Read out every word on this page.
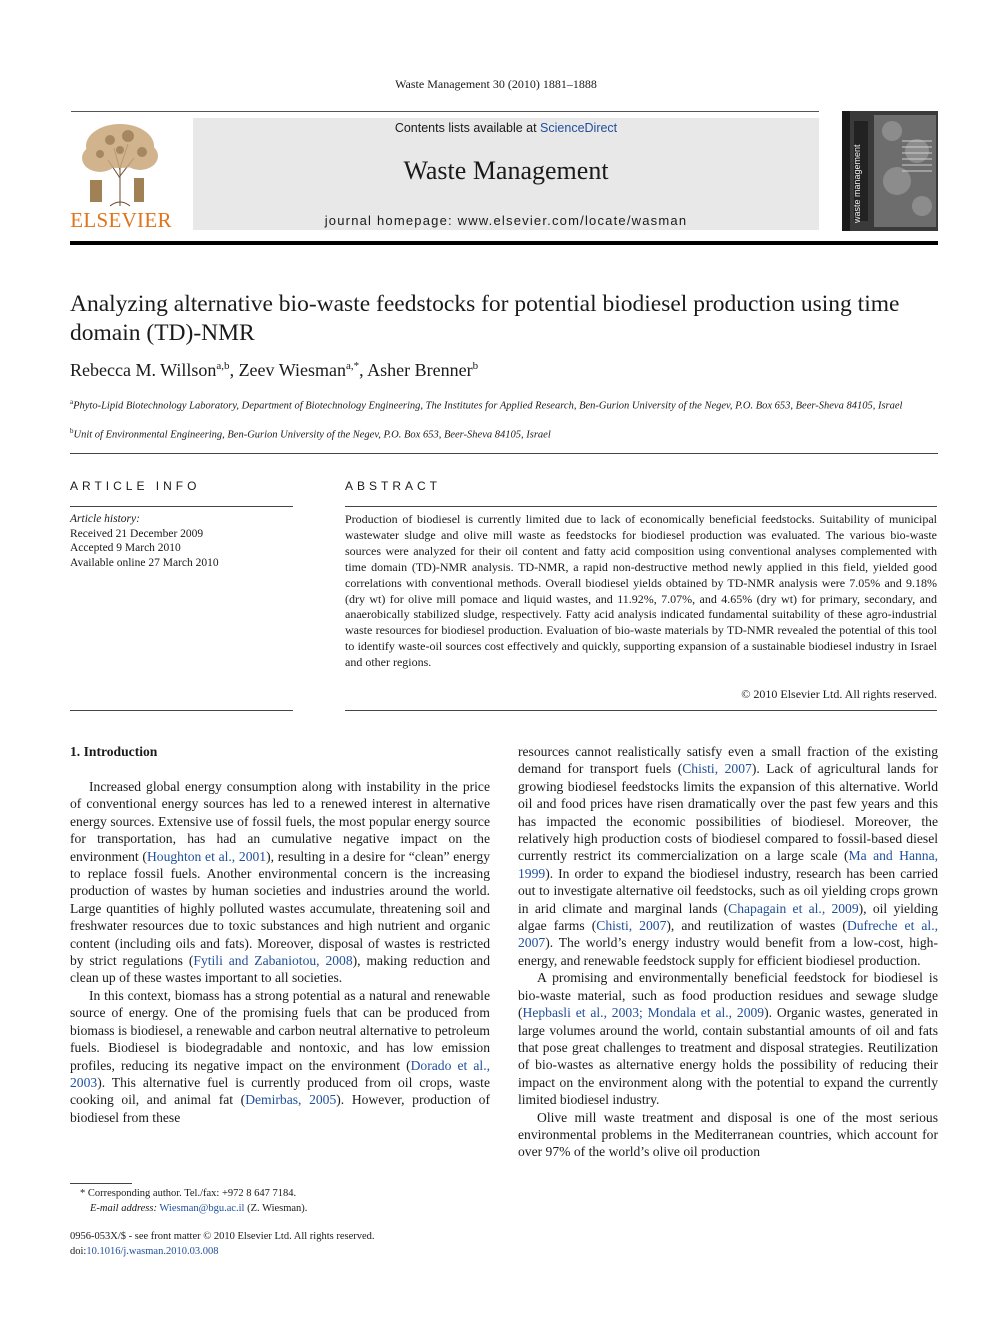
Waste Management 30 (2010) 1881–1888
ELSEVIER
Contents lists available at ScienceDirect
Waste Management
journal homepage: www.elsevier.com/locate/wasman	waste management
Analyzing alternative bio-waste feedstocks for potential biodiesel production using time domain (TD)-NMR
Rebecca M. Willson$^{a,b}$, Zeev Wiesman$^{a,*}$, Asher Brenner$^b$
$^a$Phyto-Lipid Biotechnology Laboratory, Department of Biotechnology Engineering, The Institutes for Applied Research, Ben-Gurion University of the Negev, P.O. Box 653, Beer-Sheva 84105, Israel
$^b$Unit of Environmental Engineering, Ben-Gurion University of the Negev, P.O. Box 653, Beer-Sheva 84105, Israel
ARTICLE INFO
Article history:
Received 21 December 2009
Accepted 9 March 2010
Available online 27 March 2010
ABSTRACT
Production of biodiesel is currently limited due to lack of economically beneficial feedstocks. Suitability of municipal wastewater sludge and olive mill waste as feedstocks for biodiesel production was evaluated. The various bio-waste sources were analyzed for their oil content and fatty acid composition using conventional analyses complemented with time domain (TD)-NMR analysis. TD-NMR, a rapid non-destructive method newly applied in this field, yielded good correlations with conventional methods. Overall biodiesel yields obtained by TD-NMR analysis were 7.05% and 9.18% (dry wt) for olive mill pomace and liquid wastes, and 11.92%, 7.07%, and 4.65% (dry wt) for primary, secondary, and anaerobically stabilized sludge, respectively. Fatty acid analysis indicated fundamental suitability of these agro-industrial waste resources for biodiesel production. Evaluation of bio-waste materials by TD-NMR revealed the potential of this tool to identify waste-oil sources cost effectively and quickly, supporting expansion of a sustainable biodiesel industry in Israel and other regions.
© 2010 Elsevier Ltd. All rights reserved.
1. Introduction

Increased global energy consumption along with instability in the price of conventional energy sources has led to a renewed interest in alternative energy sources. Extensive use of fossil fuels, the most popular energy source for transportation, has had an cumulative negative impact on the environment (Houghton et al., 2001), resulting in a desire for “clean” energy to replace fossil fuels. Another environmental concern is the increasing production of wastes by human societies and industries around the world. Large quantities of highly polluted wastes accumulate, threatening soil and freshwater resources due to toxic substances and high nutrient and organic content (including oils and fats). Moreover, disposal of wastes is restricted by strict regulations (Fytili and Zabaniotou, 2008), making reduction and clean up of these wastes important to all societies.

In this context, biomass has a strong potential as a natural and renewable source of energy. One of the promising fuels that can be produced from biomass is biodiesel, a renewable and carbon neutral alternative to petroleum fuels. Biodiesel is biodegradable and nontoxic, and has low emission profiles, reducing its negative impact on the environment (Dorado et al., 2003). This alternative fuel is currently produced from oil crops, waste cooking oil, and animal fat (Demirbas, 2005). However, production of biodiesel from these

resources cannot realistically satisfy even a small fraction of the existing demand for transport fuels (Chisti, 2007). Lack of agricultural lands for growing biodiesel feedstocks limits the expansion of this alternative. World oil and food prices have risen dramatically over the past few years and this has impacted the economic possibilities of biodiesel. Moreover, the relatively high production costs of biodiesel compared to fossil-based diesel currently restrict its commercialization on a large scale (Ma and Hanna, 1999). In order to expand the biodiesel industry, research has been carried out to investigate alternative oil feedstocks, such as oil yielding crops grown in arid climate and marginal lands (Chapagain et al., 2009), oil yielding algae farms (Chisti, 2007), and reutilization of wastes (Dufreche et al., 2007). The world’s energy industry would benefit from a low-cost, high-energy, and renewable feedstock supply for efficient biodiesel production.

A promising and environmentally beneficial feedstock for biodiesel is bio-waste material, such as food production residues and sewage sludge (Hepbasli et al., 2003; Mondala et al., 2009). Organic wastes, generated in large volumes around the world, contain substantial amounts of oil and fats that pose great challenges to treatment and disposal strategies. Reutilization of bio-wastes as alternative energy holds the possibility of reducing their impact on the environment along with the potential to expand the currently limited biodiesel industry.

Olive mill waste treatment and disposal is one of the most serious environmental problems in the Mediterranean countries, which account for over 97% of the world’s olive oil production

* Corresponding author. Tel./fax: +972 8 647 7184.
E-mail address: Wiesman@bgu.ac.il (Z. Wiesman).
0956-053X/$ - see front matter © 2010 Elsevier Ltd. All rights reserved.
doi:10.1016/j.wasman.2010.03.008
